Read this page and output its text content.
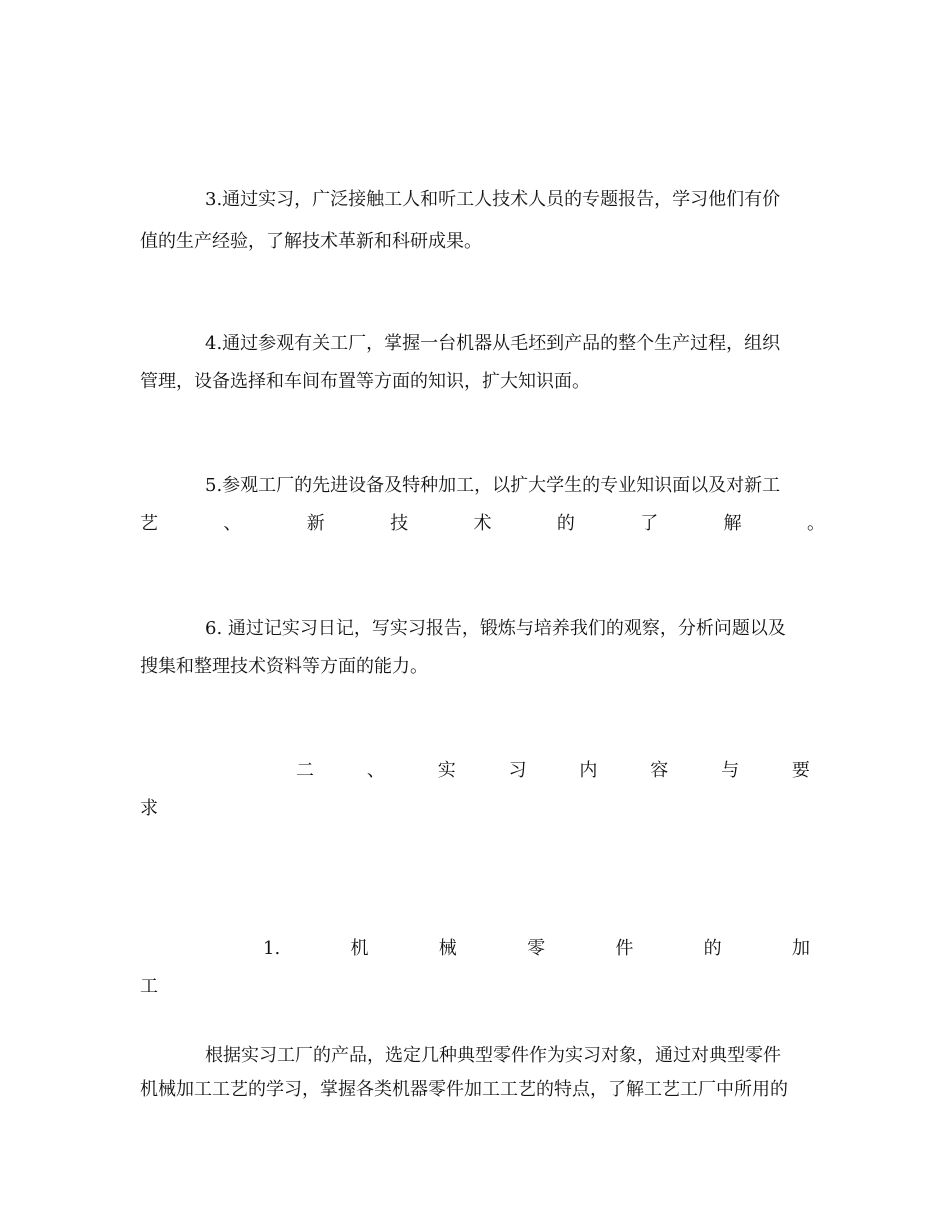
3.通过实习，广泛接触工人和听工人技术人员的专题报告，学习他们有价
值的生产经验，了解技术革新和科研成果。
4.通过参观有关工厂，掌握一台机器从毛坯到产品的整个生产过程，组织
管理，设备选择和车间布置等方面的知识，扩大知识面。
5.参观工厂的先进设备及特种加工，以扩大学生的专业知识面以及对新工
艺	、	新	技	术	的	了	解	。
6. 通过记实习日记，写实习报告，锻炼与培养我们的观察，分析问题以及
搜集和整理技术资料等方面的能力。
二	、	实	习	内	容	与	要
求
1.	机	械	零	件	的	加
工
根据实习工厂的产品，选定几种典型零件作为实习对象，通过对典型零件
机械加工工艺的学习，掌握各类机器零件加工工艺的特点，了解工艺工厂中所用的
